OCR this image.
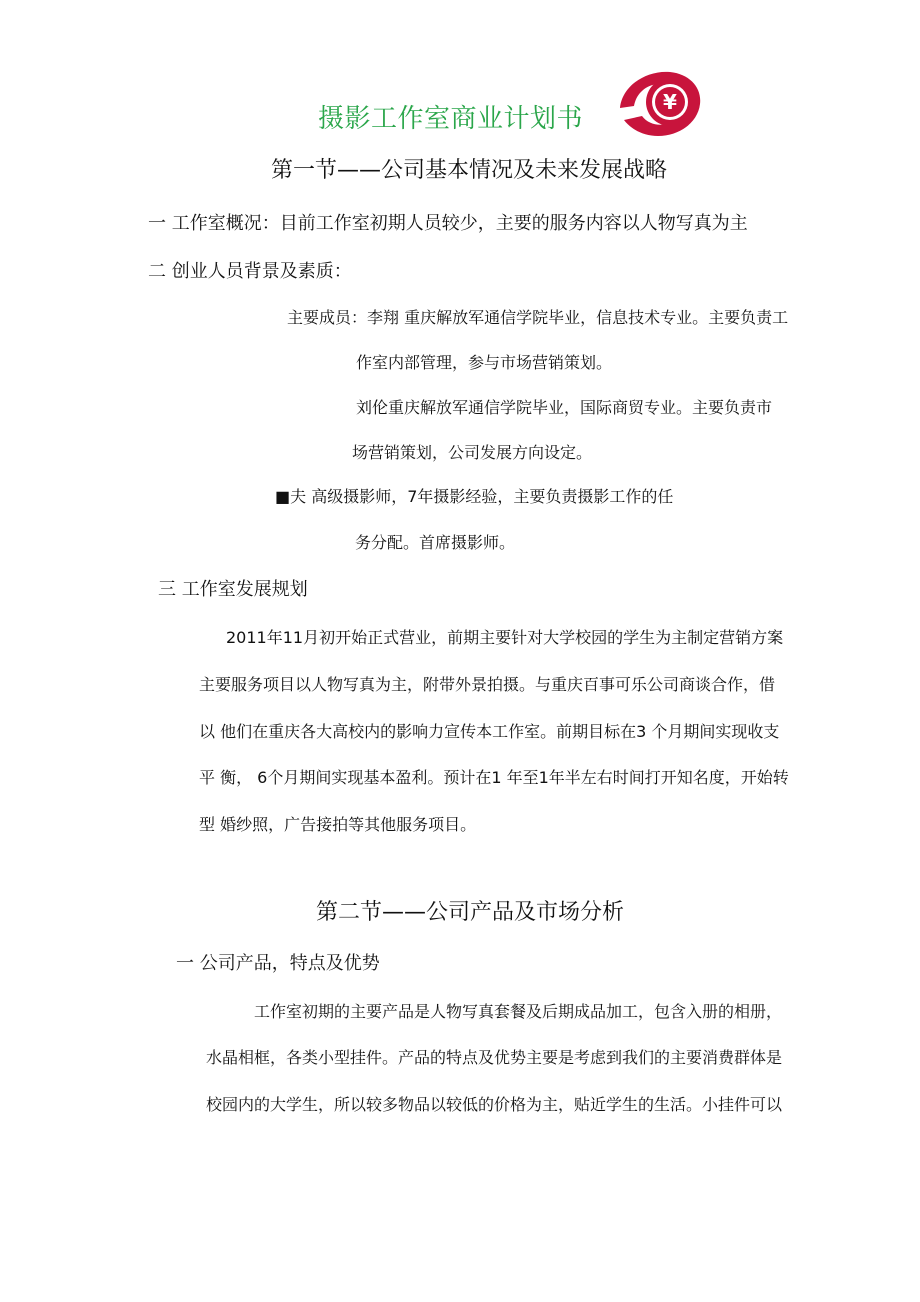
摄影工作室商业计划书
¥
第一节——公司基本情况及未来发展战略
一 工作室概况：目前工作室初期人员较少，主要的服务内容以人物写真为主
二 创业人员背景及素质：
主要成员：李翔 重庆解放军通信学院毕业，信息技术专业。主要负责工
作室内部管理，参与市场营销策划。
刘伦重庆解放军通信学院毕业，国际商贸专业。主要负责市
场营销策划，公司发展方向设定。
■夫 高级摄影师，7年摄影经验，主要负责摄影工作的任
务分配。首席摄影师。
三 工作室发展规划
2011年11月初开始正式营业，前期主要针对大学校园的学生为主制定营销方案
主要服务项目以人物写真为主，附带外景拍摄。与重庆百事可乐公司商谈合作，借
以 他们在重庆各大高校内的影响力宣传本工作室。前期目标在3 个月期间实现收支
平 衡， 6个月期间实现基本盈利。预计在1 年至1年半左右时间打开知名度，开始转
型 婚纱照，广告接拍等其他服务项目。
第二节——公司产品及市场分析
一 公司产品，特点及优势
工作室初期的主要产品是人物写真套餐及后期成品加工，包含入册的相册，
水晶相框，各类小型挂件。产品的特点及优势主要是考虑到我们的主要消费群体是
校园内的大学生，所以较多物品以较低的价格为主，贴近学生的生活。小挂件可以
